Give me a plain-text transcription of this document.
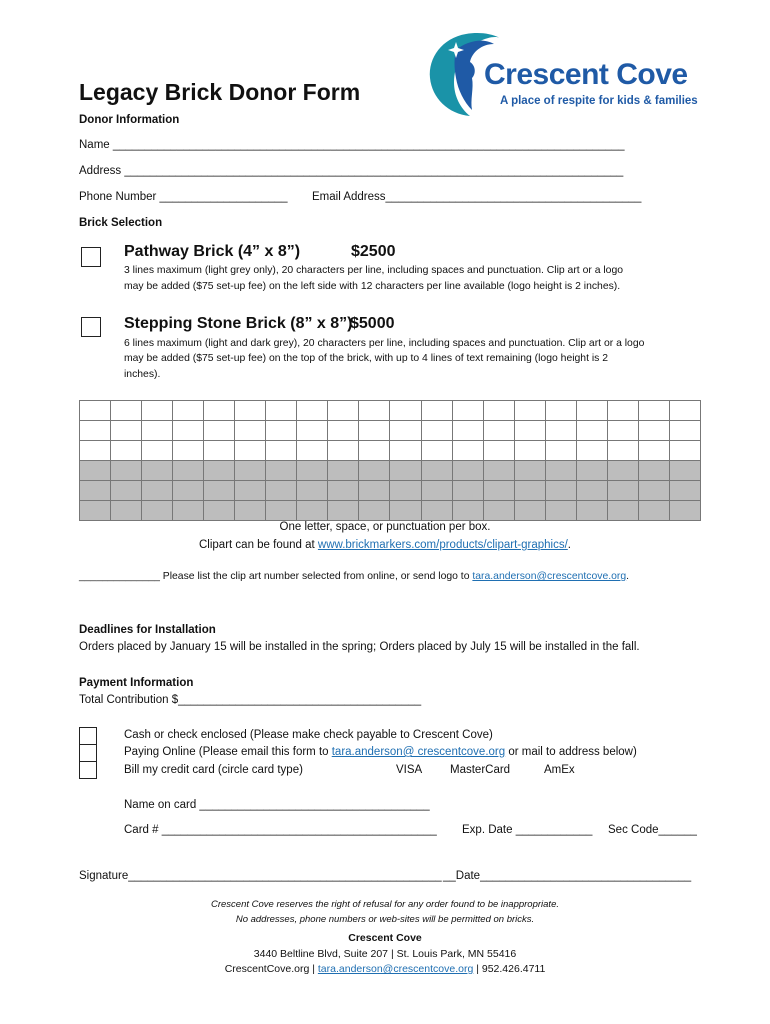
Crescent Cove
A place of respite for kids & families
Legacy Brick Donor Form
Donor Information
Name ________________________________________________________________________________
Address ______________________________________________________________________________
Phone Number ____________________ Email Address________________________________________
Brick Selection
Pathway Brick (4” x 8”)	$2500
3 lines maximum (light grey only), 20 characters per line, including spaces and punctuation. Clip art or a logo
may be added ($75 set-up fee) on the left side with 12 characters per line available (logo height is 2 inches).
Stepping Stone Brick (8” x 8”)
$5000
6 lines maximum (light and dark grey), 20 characters per line, including spaces and punctuation. Clip art or a logo
may be added ($75 set-up fee) on the top of the brick, with up to 4 lines of text remaining (logo height is 2
inches).

One letter, space, or punctuation per box.
Clipart can be found at www.brickmarkers.com/products/clipart-graphics/.
______________ Please list the clip art number selected from online, or send logo to tara.anderson@crescentcove.org.
Deadlines for Installation
Orders placed by January 15 will be installed in the spring; Orders placed by July 15 will be installed in the fall.
Payment Information
Total Contribution $______________________________________
Cash or check enclosed (Please make check payable to Crescent Cove)
Paying Online (Please email this form to tara.anderson@ crescentcove.org or mail to address below)
Bill my credit card (circle card type)	VISA MasterCard	AmEx
Name on card ____________________________________
Card # ___________________________________________ Exp. Date ____________ Sec Code______
Signature_________________________________________________ __Date_________________________________
Crescent Cove reserves the right of refusal for any order found to be inappropriate.
No addresses, phone numbers or web-sites will be permitted on bricks.
Crescent Cove
3440 Beltline Blvd, Suite 207 | St. Louis Park, MN 55416
CrescentCove.org | tara.anderson@crescentcove.org | 952.426.4711
